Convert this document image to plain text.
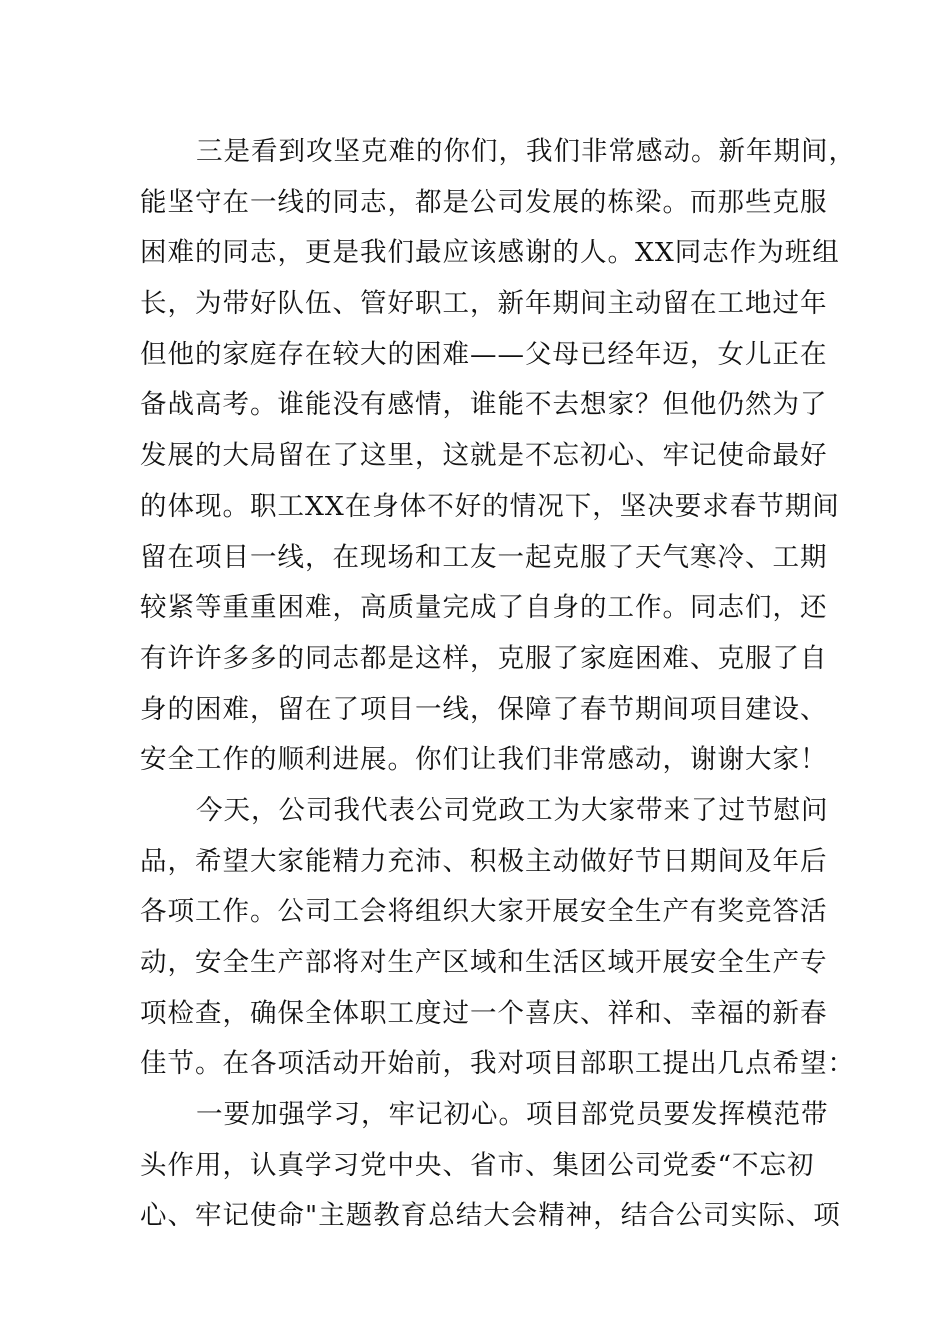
三是看到攻坚克难的你们，我们非常感动。新年期间，
能坚守在一线的同志，都是公司发展的栋梁。而那些克服
困难的同志，更是我们最应该感谢的人。XX同志作为班组
长，为带好队伍、管好职工，新年期间主动留在工地过年
但他的家庭存在较大的困难——父母已经年迈，女儿正在
备战高考。谁能没有感情，谁能不去想家？但他仍然为了
发展的大局留在了这里，这就是不忘初心、牢记使命最好
的体现。职工XX在身体不好的情况下，坚决要求春节期间
留在项目一线，在现场和工友一起克服了天气寒冷、工期
较紧等重重困难，高质量完成了自身的工作。同志们，还
有许许多多的同志都是这样，克服了家庭困难、克服了自
身的困难，留在了项目一线，保障了春节期间项目建设、
安全工作的顺利进展。你们让我们非常感动，谢谢大家！
今天，公司我代表公司党政工为大家带来了过节慰问
品，希望大家能精力充沛、积极主动做好节日期间及年后
各项工作。公司工会将组织大家开展安全生产有奖竞答活
动，安全生产部将对生产区域和生活区域开展安全生产专
项检查，确保全体职工度过一个喜庆、祥和、幸福的新春
佳节。在各项活动开始前，我对项目部职工提出几点希望：
一要加强学习，牢记初心。项目部党员要发挥模范带
头作用，认真学习党中央、省市、集团公司党委“不忘初
心、牢记使命"主题教育总结大会精神，结合公司实际、项
